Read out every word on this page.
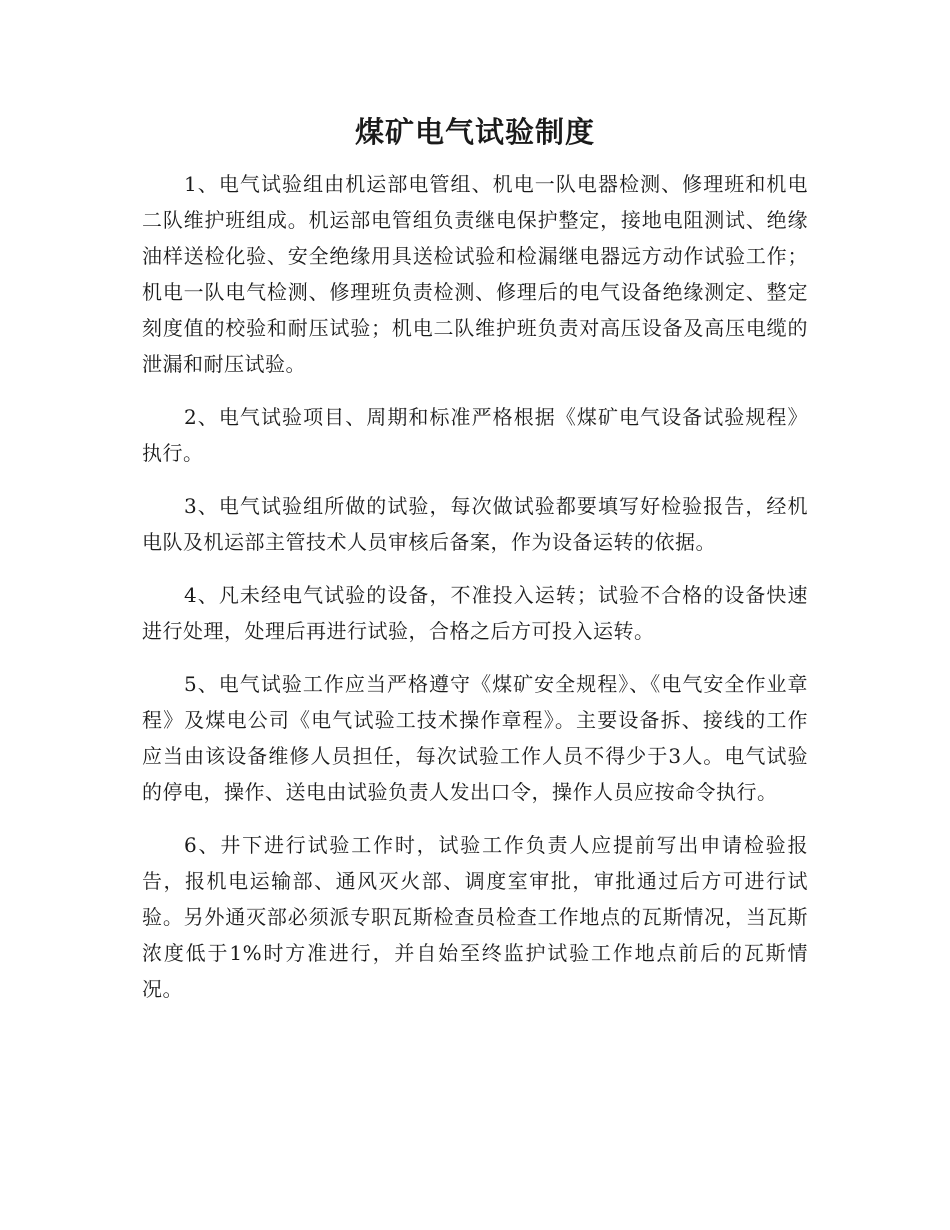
煤矿电气试验制度

1、电气试验组由机运部电管组、机电一队电器检测、修理班和机电二队维护班组成。机运部电管组负责继电保护整定，接地电阻测试、绝缘油样送检化验、安全绝缘用具送检试验和检漏继电器远方动作试验工作；机电一队电气检测、修理班负责检测、修理后的电气设备绝缘测定、整定刻度值的校验和耐压试验；机电二队维护班负责对高压设备及高压电缆的泄漏和耐压试验。

2、电气试验项目、周期和标准严格根据《煤矿电气设备试验规程》执行。

3、电气试验组所做的试验，每次做试验都要填写好检验报告，经机电队及机运部主管技术人员审核后备案，作为设备运转的依据。

4、凡未经电气试验的设备，不准投入运转；试验不合格的设备快速进行处理，处理后再进行试验，合格之后方可投入运转。

5、电气试验工作应当严格遵守《煤矿安全规程》、《电气安全作业章程》及煤电公司《电气试验工技术操作章程》。主要设备拆、接线的工作应当由该设备维修人员担任，每次试验工作人员不得少于3人。电气试验的停电，操作、送电由试验负责人发出口令，操作人员应按命令执行。

6、井下进行试验工作时，试验工作负责人应提前写出申请检验报告，报机电运输部、通风灭火部、调度室审批，审批通过后方可进行试验。另外通灭部必须派专职瓦斯检查员检查工作地点的瓦斯情况，当瓦斯浓度低于1%时方准进行，并自始至终监护试验工作地点前后的瓦斯情况。
